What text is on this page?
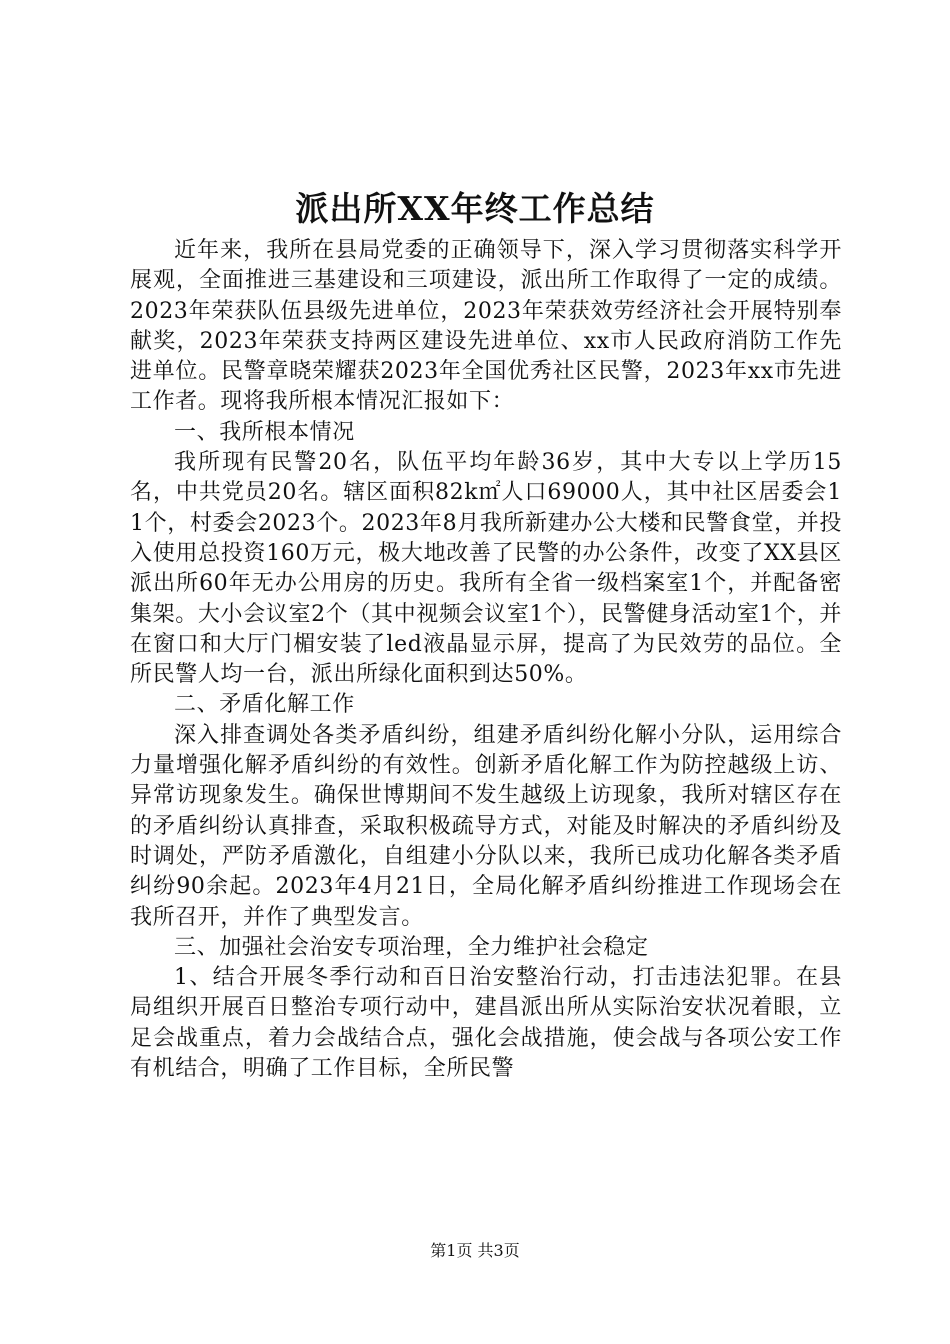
派出所XX年终工作总结

近年来，我所在县局党委的正确领导下，深入学习贯彻落实科学开展观，全面推进三基建设和三项建设，派出所工作取得了一定的成绩。2023年荣获队伍县级先进单位，2023年荣获效劳经济社会开展特别奉献奖，2023年荣获支持两区建设先进单位、xx市人民政府消防工作先进单位。民警章晓荣耀获2023年全国优秀社区民警，2023年xx市先进工作者。现将我所根本情况汇报如下：

一、我所根本情况

我所现有民警20名，队伍平均年龄36岁，其中大专以上学历15名，中共党员20名。辖区面积82k㎡人口69000人，其中社区居委会11个，村委会2023个。2023年8月我所新建办公大楼和民警食堂，并投入使用总投资160万元，极大地改善了民警的办公条件，改变了XX县区派出所60年无办公用房的历史。我所有全省一级档案室1个，并配备密集架。大小会议室2个（其中视频会议室1个），民警健身活动室1个，并在窗口和大厅门楣安装了led液晶显示屏，提高了为民效劳的品位。全所民警人均一台，派出所绿化面积到达50%。

二、矛盾化解工作

深入排查调处各类矛盾纠纷，组建矛盾纠纷化解小分队，运用综合力量增强化解矛盾纠纷的有效性。创新矛盾化解工作为防控越级上访、异常访现象发生。确保世博期间不发生越级上访现象，我所对辖区存在的矛盾纠纷认真排查，采取积极疏导方式，对能及时解决的矛盾纠纷及时调处，严防矛盾激化，自组建小分队以来，我所已成功化解各类矛盾纠纷90余起。2023年4月21日，全局化解矛盾纠纷推进工作现场会在我所召开，并作了典型发言。

三、加强社会治安专项治理，全力维护社会稳定

1、结合开展冬季行动和百日治安整治行动，打击违法犯罪。在县局组织开展百日整治专项行动中，建昌派出所从实际治安状况着眼，立足会战重点，着力会战结合点，强化会战措施，使会战与各项公安工作有机结合，明确了工作目标，全所民警

第1页 共3页
